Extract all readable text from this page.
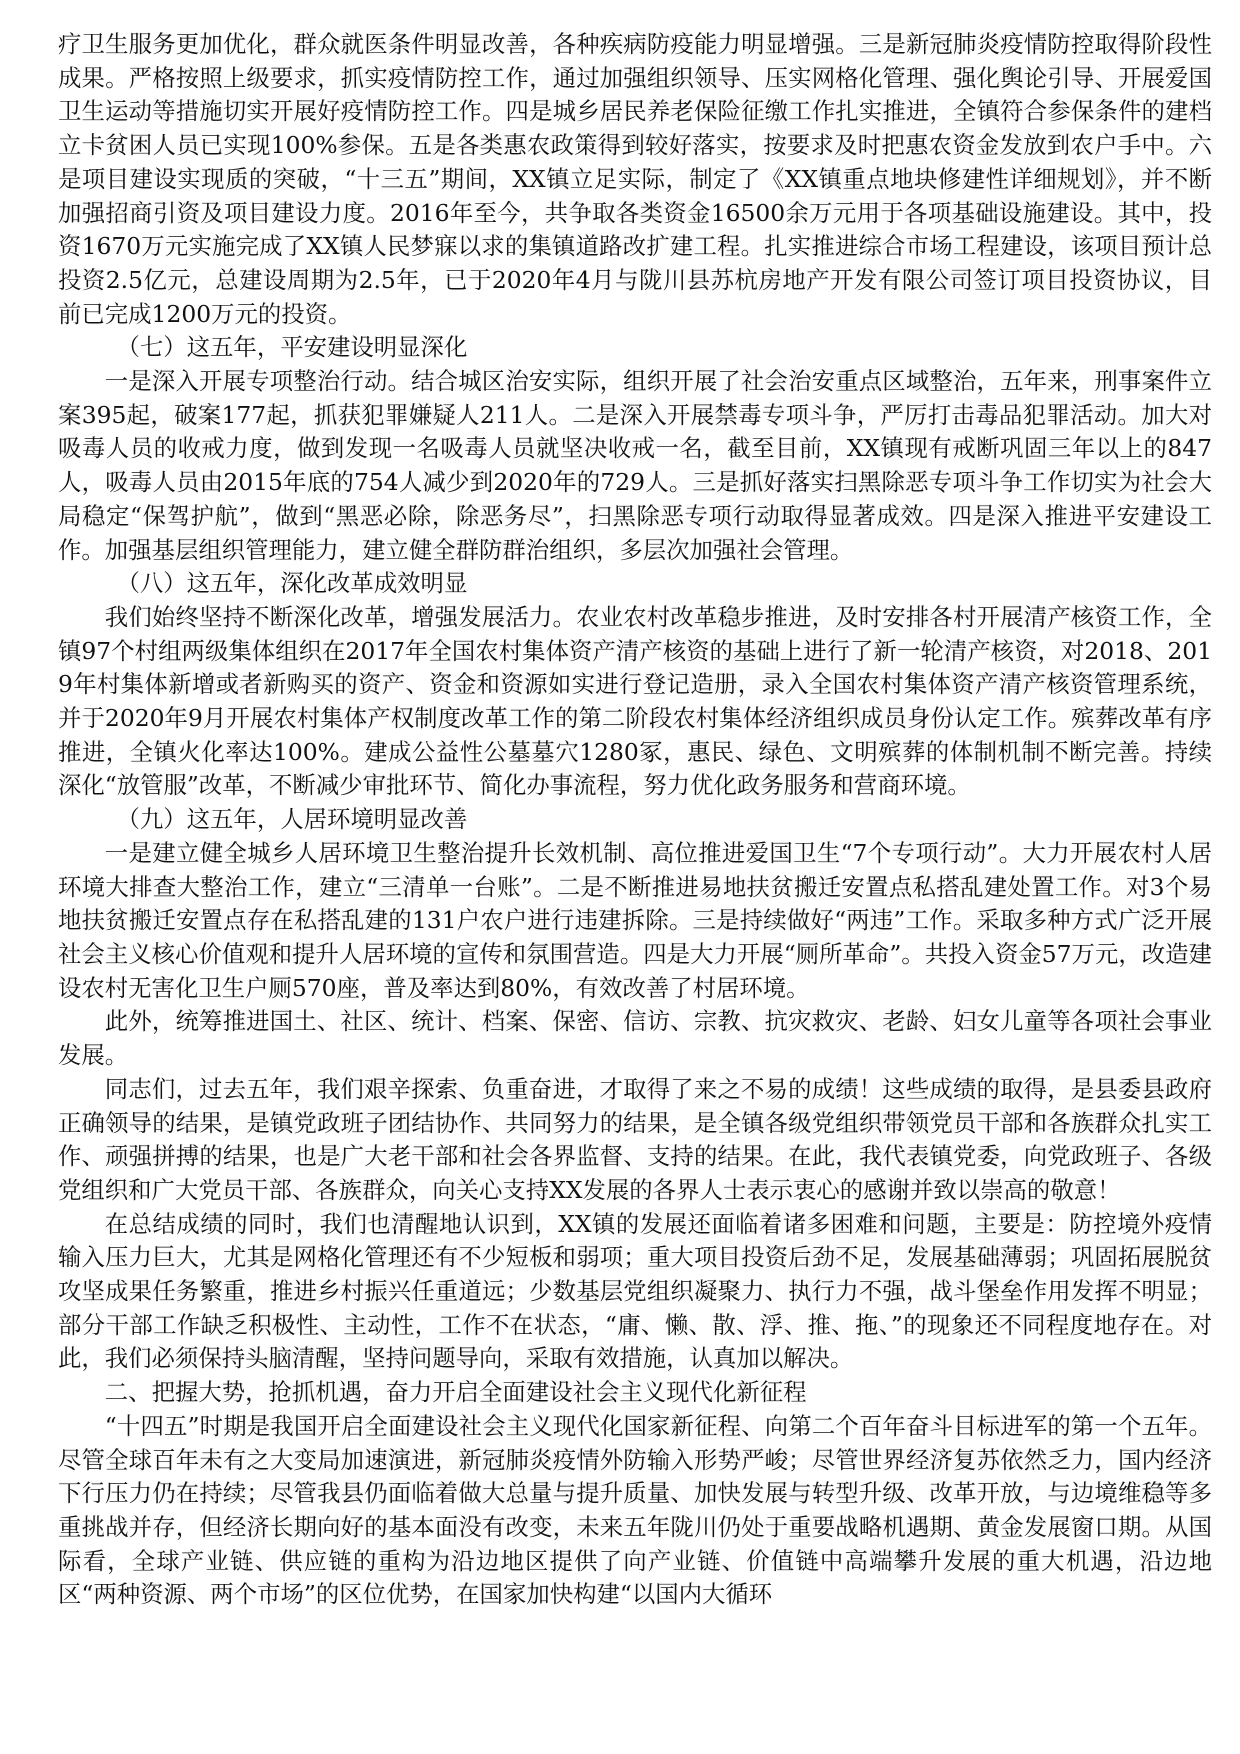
疗卫生服务更加优化，群众就医条件明显改善，各种疾病防疫能力明显增强。三是新冠肺炎疫情防控取得阶段性成果。严格按照上级要求，抓实疫情防控工作，通过加强组织领导、压实网格化管理、强化舆论引导、开展爱国卫生运动等措施切实开展好疫情防控工作。四是城乡居民养老保险征缴工作扎实推进，全镇符合参保条件的建档立卡贫困人员已实现100%参保。五是各类惠农政策得到较好落实，按要求及时把惠农资金发放到农户手中。六是项目建设实现质的突破，“十三五”期间，XX镇立足实际，制定了《XX镇重点地块修建性详细规划》，并不断加强招商引资及项目建设力度。2016年至今，共争取各类资金16500余万元用于各项基础设施建设。其中，投资1670万元实施完成了XX镇人民梦寐以求的集镇道路改扩建工程。扎实推进综合市场工程建设，该项目预计总投资2.5亿元，总建设周期为2.5年，已于2020年4月与陇川县苏杭房地产开发有限公司签订项目投资协议，目前已完成1200万元的投资。

（七）这五年，平安建设明显深化

一是深入开展专项整治行动。结合城区治安实际，组织开展了社会治安重点区域整治，五年来，刑事案件立案395起，破案177起，抓获犯罪嫌疑人211人。二是深入开展禁毒专项斗争，严厉打击毒品犯罪活动。加大对吸毒人员的收戒力度，做到发现一名吸毒人员就坚决收戒一名，截至目前，XX镇现有戒断巩固三年以上的847人，吸毒人员由2015年底的754人减少到2020年的729人。三是抓好落实扫黑除恶专项斗争工作切实为社会大局稳定“保驾护航”，做到“黑恶必除，除恶务尽”，扫黑除恶专项行动取得显著成效。四是深入推进平安建设工作。加强基层组织管理能力，建立健全群防群治组织，多层次加强社会管理。

（八）这五年，深化改革成效明显

我们始终坚持不断深化改革，增强发展活力。农业农村改革稳步推进，及时安排各村开展清产核资工作，全镇97个村组两级集体组织在2017年全国农村集体资产清产核资的基础上进行了新一轮清产核资，对2018、2019年村集体新增或者新购买的资产、资金和资源如实进行登记造册，录入全国农村集体资产清产核资管理系统，并于2020年9月开展农村集体产权制度改革工作的第二阶段农村集体经济组织成员身份认定工作。殡葬改革有序推进，全镇火化率达100%。建成公益性公墓墓穴1280冢，惠民、绿色、文明殡葬的体制机制不断完善。持续深化“放管服”改革，不断减少审批环节、简化办事流程，努力优化政务服务和营商环境。

（九）这五年，人居环境明显改善

一是建立健全城乡人居环境卫生整治提升长效机制、高位推进爱国卫生“7个专项行动”。大力开展农村人居环境大排查大整治工作，建立“三清单一台账”。二是不断推进易地扶贫搬迁安置点私搭乱建处置工作。对3个易地扶贫搬迁安置点存在私搭乱建的131户农户进行违建拆除。三是持续做好“两违”工作。采取多种方式广泛开展社会主义核心价值观和提升人居环境的宣传和氛围营造。四是大力开展“厕所革命”。共投入资金57万元，改造建设农村无害化卫生户厕570座，普及率达到80%，有效改善了村居环境。

此外，统筹推进国土、社区、统计、档案、保密、信访、宗教、抗灾救灾、老龄、妇女儿童等各项社会事业发展。

同志们，过去五年，我们艰辛探索、负重奋进，才取得了来之不易的成绩！这些成绩的取得，是县委县政府正确领导的结果，是镇党政班子团结协作、共同努力的结果，是全镇各级党组织带领党员干部和各族群众扎实工作、顽强拼搏的结果，也是广大老干部和社会各界监督、支持的结果。在此，我代表镇党委，向党政班子、各级党组织和广大党员干部、各族群众，向关心支持XX发展的各界人士表示衷心的感谢并致以崇高的敬意！

在总结成绩的同时，我们也清醒地认识到，XX镇的发展还面临着诸多困难和问题，主要是：防控境外疫情输入压力巨大，尤其是网格化管理还有不少短板和弱项；重大项目投资后劲不足，发展基础薄弱；巩固拓展脱贫攻坚成果任务繁重，推进乡村振兴任重道远；少数基层党组织凝聚力、执行力不强，战斗堡垒作用发挥不明显；部分干部工作缺乏积极性、主动性，工作不在状态，“庸、懒、散、浮、推、拖、”的现象还不同程度地存在。对此，我们必须保持头脑清醒，坚持问题导向，采取有效措施，认真加以解决。

二、把握大势，抢抓机遇，奋力开启全面建设社会主义现代化新征程

“十四五”时期是我国开启全面建设社会主义现代化国家新征程、向第二个百年奋斗目标进军的第一个五年。尽管全球百年未有之大变局加速演进，新冠肺炎疫情外防输入形势严峻；尽管世界经济复苏依然乏力，国内经济下行压力仍在持续；尽管我县仍面临着做大总量与提升质量、加快发展与转型升级、改革开放，与边境维稳等多重挑战并存，但经济长期向好的基本面没有改变，未来五年陇川仍处于重要战略机遇期、黄金发展窗口期。从国际看，全球产业链、供应链的重构为沿边地区提供了向产业链、价值链中高端攀升发展的重大机遇，沿边地区“两种资源、两个市场”的区位优势，在国家加快构建“以国内大循环
